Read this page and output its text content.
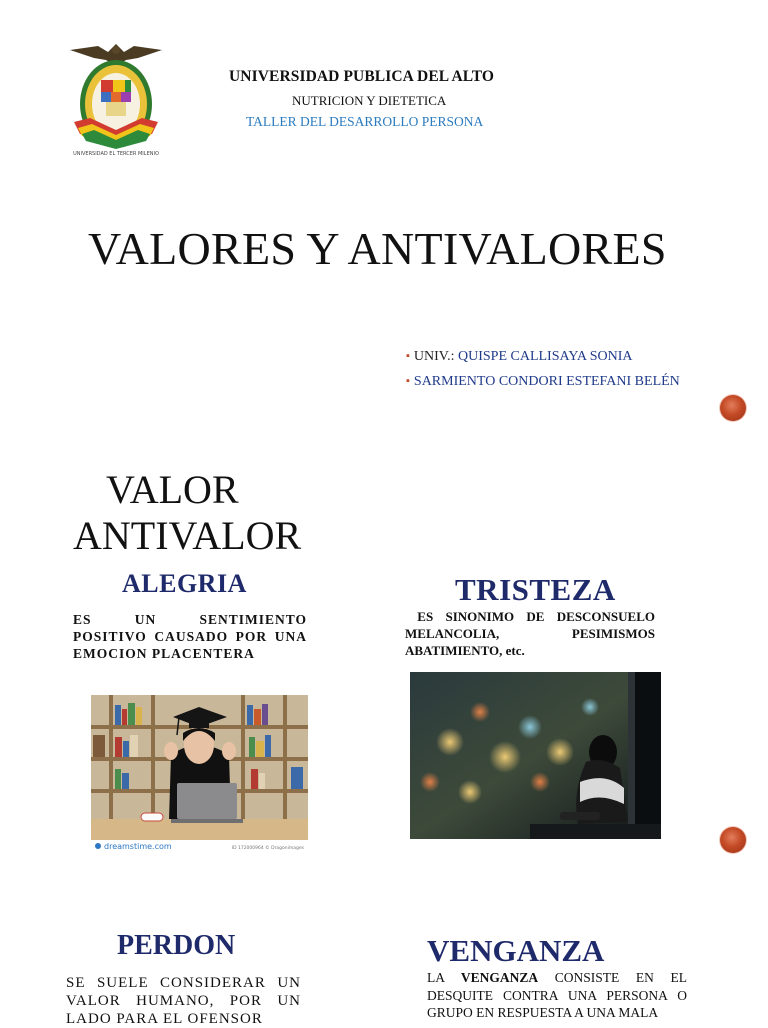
UNIVERSIDAD EL TERCER MILENIO
UNIVERSIDAD PUBLICA DEL ALTO
NUTRICION Y DIETETICA
TALLER DEL DESARROLLO PERSONA
VALORES Y ANTIVALORES
▪ UNIV.: QUISPE CALLISAYA SONIA
▪ SARMIENTO CONDORI ESTEFANI BELÉN
VALOR
ANTIVALOR
ALEGRIA
ES UN SENTIMIENTO POSITIVO CAUSADO POR UNA EMOCION PLACENTERA
TRISTEZA
ES SINONIMO DE DESCONSUELO MELANCOLIA, PESIMISMOS ABATIMIENTO, etc.
dreamstime.com	ID 172000964 © Dragonimages
PERDON
SE SUELE CONSIDERAR UN VALOR HUMANO, POR UN LADO PARA EL OFENSOR
VENGANZA
LA VENGANZA CONSISTE EN EL DESQUITE CONTRA UNA PERSONA O GRUPO EN RESPUESTA A UNA MALA
